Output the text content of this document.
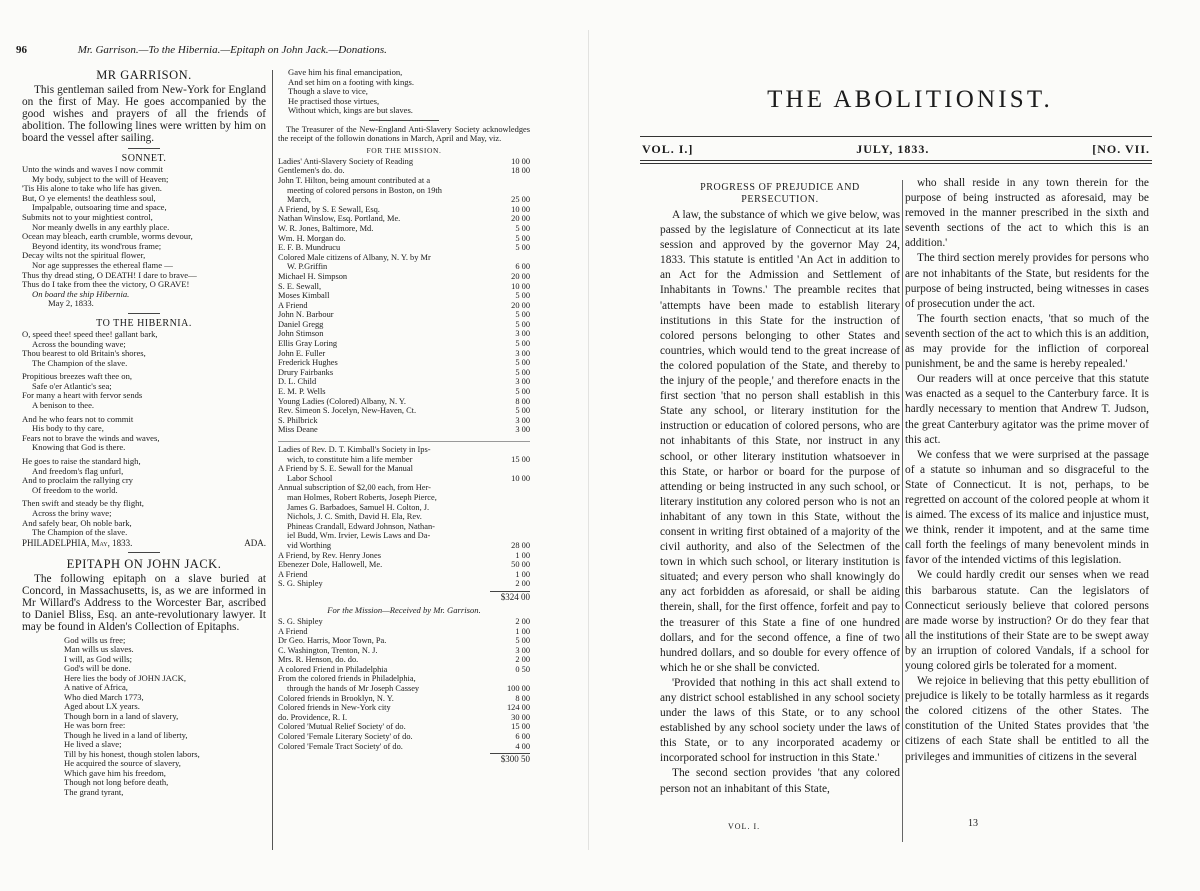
96	Mr. Garrison.—To the Hibernia.—Epitaph on John Jack.—Donations.
MR GARRISON.

This gentleman sailed from New-York for England on the first of May. He goes accompanied by the good wishes and prayers of all the friends of abolition. The following lines were written by him on board the vessel after sailing.

SONNET.
Unto the winds and waves I now commit
My body, subject to the will of Heaven;
'Tis His alone to take who life has given.
But, O ye elements! the deathless soul,
Impalpable, outsoaring time and space,
Submits not to your mightiest control,
Nor meanly dwells in any earthly place.
Ocean may bleach, earth crumble, worms devour,
Beyond identity, its wond'rous frame;
Decay wilts not the spiritual flower,
Nor age suppresses the ethereal flame —
Thus thy dread sting, O DEATH! I dare to brave—
Thus do I take from thee the victory, O GRAVE!
On board the ship Hibernia.
May 2, 1833.
TO THE HIBERNIA.
O, speed thee! speed thee! gallant bark,
Across the bounding wave;
Thou bearest to old Britain's shores,
The Champion of the slave.
Propitious breezes waft thee on,
Safe o'er Atlantic's sea;
For many a heart with fervor sends
A benison to thee.
And he who fears not to commit
His body to thy care,
Fears not to brave the winds and waves,
Knowing that God is there.
He goes to raise the standard high,
And freedom's flag unfurl,
And to proclaim the rallying cry
Of freedom to the world.
Then swift and steady be thy flight,
Across the briny wave;
And safely bear, Oh noble bark,
The Champion of the slave.
PHILADELPHIA, May, 1833.	ADA.
EPITAPH ON JOHN JACK.

The following epitaph on a slave buried at Concord, in Massachusetts, is, as we are informed in Mr Willard's Address to the Worcester Bar, ascribed to Daniel Bliss, Esq. an ante-revolutionary lawyer. It may be found in Alden's Collection of Epitaphs.

God wills us free;
Man wills us slaves.
I will, as God wills;
God's will be done.
Here lies the body of JOHN JACK,
A native of Africa,
Who died March 1773,
Aged about LX years.
Though born in a land of slavery,
He was born free:
Though he lived in a land of liberty,
He lived a slave;
Till by his honest, though stolen labors,
He acquired the source of slavery,
Which gave him his freedom,
Though not long before death,
The grand tyrant,
Gave him his final emancipation,
And set him on a footing with kings.
Though a slave to vice,
He practised those virtues,
Without which, kings are but slaves.
The Treasurer of the New-England Anti-Slavery Society acknowledges the receipt of the followin donations in March, April and May, viz.
FOR THE MISSION.
Ladies' Anti-Slavery Society of Reading	10 00
Gentlemen's do. do.	18 00
John T. Hilton, being amount contributed at a
meeting of colored persons in Boston, on 19th
March,	25 00
A Friend, by S. E Sewall, Esq.	10 00
Nathan Winslow, Esq. Portland, Me.	20 00
W. R. Jones, Baltimore, Md.	5 00
Wm. H. Morgan do.	5 00
E. F. B. Mundrucu	5 00
Colored Male citizens of Albany, N. Y. by Mr
W. P.Griffin	6 00
Michael H. Simpson	20 00
S. E. Sewall,	10 00
Moses Kimball	5 00
A Friend	20 00
John N. Barbour	5 00
Daniel Gregg	5 00
John Stimson	3 00
Ellis Gray Loring	5 00
John E. Fuller	3 00
Frederick Hughes	5 00
Drury Fairbanks	5 00
D. L. Child	3 00
E. M. P. Wells	5 00
Young Ladies (Colored) Albany, N. Y.	8 00
Rev. Simeon S. Jocelyn, New-Haven, Ct.	5 00
S. Philbrick	3 00
Miss Deane	3 00
Ladies of Rev. D. T. Kimball's Society in Ips-
wich, to constitute him a life member	15 00
A Friend by S. E. Sewall for the Manual
Labor School	10 00
Annual subscription of $2,00 each, from Her-
man Holmes, Robert Roberts, Joseph Pierce,
James G. Barbadoes, Samuel H. Colton, J.
Nichols, J. C. Smith, David H. Ela, Rev.
Phineas Crandall, Edward Johnson, Nathan-
iel Budd, Wm. Irvier, Lewis Laws and Da-
vid Worthing	28 00
A Friend, by Rev. Henry Jones	1 00
Ebenezer Dole, Hallowell, Me.	50 00
A Friend	1 00
S. G. Shipley	2 00
$324 00
For the Mission—Received by Mr. Garrison.
S. G. Shipley	2 00
A Friend	1 00
Dr Geo. Harris, Moor Town, Pa.	5 00
C. Washington, Trenton, N. J.	3 00
Mrs. R. Henson, do. do.	2 00
A colored Friend in Philadelphia	0 50
From the colored friends in Philadelphia,
through the hands of Mr Joseph Cassey	100 00
Colored friends in Brooklyn, N. Y.	8 00
Colored friends in New-York city	124 00
do. Providence, R. I.	30 00
Colored 'Mutual Relief Society' of do.	15 00
Colored 'Female Literary Society' of do.	6 00
Colored 'Female Tract Society' of do.	4 00
$300 50
THE ABOLITIONIST.
VOL. I.]	JULY, 1833.	[NO. VII.
PROGRESS OF PREJUDICE AND PERSECUTION.

A law, the substance of which we give below, was passed by the legislature of Connecticut at its late session and approved by the governor May 24, 1833. This statute is entitled 'An Act in addition to an Act for the Admission and Settlement of Inhabitants in Towns.' The preamble recites that 'attempts have been made to establish literary institutions in this State for the instruction of colored persons belonging to other States and countries, which would tend to the great increase of the colored population of the State, and thereby to the injury of the people,' and therefore enacts in the first section 'that no person shall establish in this State any school, or literary institution for the instruction or education of colored persons, who are not inhabitants of this State, nor instruct in any school, or other literary institution whatsoever in this State, or harbor or board for the purpose of attending or being instructed in any such school, or literary institution any colored person who is not an inhabitant of any town in this State, without the consent in writing first obtained of a majority of the civil authority, and also of the Selectmen of the town in which such school, or literary institution is situated; and every person who shall knowingly do any act forbidden as aforesaid, or shall be aiding therein, shall, for the first offence, forfeit and pay to the treasurer of this State a fine of one hundred dollars, and for the second offence, a fine of two hundred dollars, and so double for every offence of which he or she shall be convicted.

'Provided that nothing in this act shall extend to any district school established in any school society under the laws of this State, or to any school established by any school society under the laws of this State, or to any incorporated academy or incorporated school for instruction in this State.'

The second section provides 'that any colored person not an inhabitant of this State,

who shall reside in any town therein for the purpose of being instructed as aforesaid, may be removed in the manner prescribed in the sixth and seventh sections of the act to which this is an addition.'

The third section merely provides for persons who are not inhabitants of the State, but residents for the purpose of being instructed, being witnesses in cases of prosecution under the act.

The fourth section enacts, 'that so much of the seventh section of the act to which this is an addition, as may provide for the infliction of corporeal punishment, be and the same is hereby repealed.'

Our readers will at once perceive that this statute was enacted as a sequel to the Canterbury farce. It is hardly necessary to mention that Andrew T. Judson, the great Canterbury agitator was the prime mover of this act.

We confess that we were surprised at the passage of a statute so inhuman and so disgraceful to the State of Connecticut. It is not, perhaps, to be regretted on account of the colored people at whom it is aimed. The excess of its malice and injustice must, we think, render it impotent, and at the same time call forth the feelings of many benevolent minds in favor of the intended victims of this legislation.

We could hardly credit our senses when we read this barbarous statute. Can the legislators of Connecticut seriously believe that colored persons are made worse by instruction? Or do they fear that all the institutions of their State are to be swept away by an irruption of colored Vandals, if a school for young colored girls be tolerated for a moment.

We rejoice in believing that this petty ebullition of prejudice is likely to be totally harmless as it regards the colored citizens of the other States. The constitution of the United States provides that 'the citizens of each State shall be entitled to all the privileges and immunities of citizens in the several

VOL. I.	13
